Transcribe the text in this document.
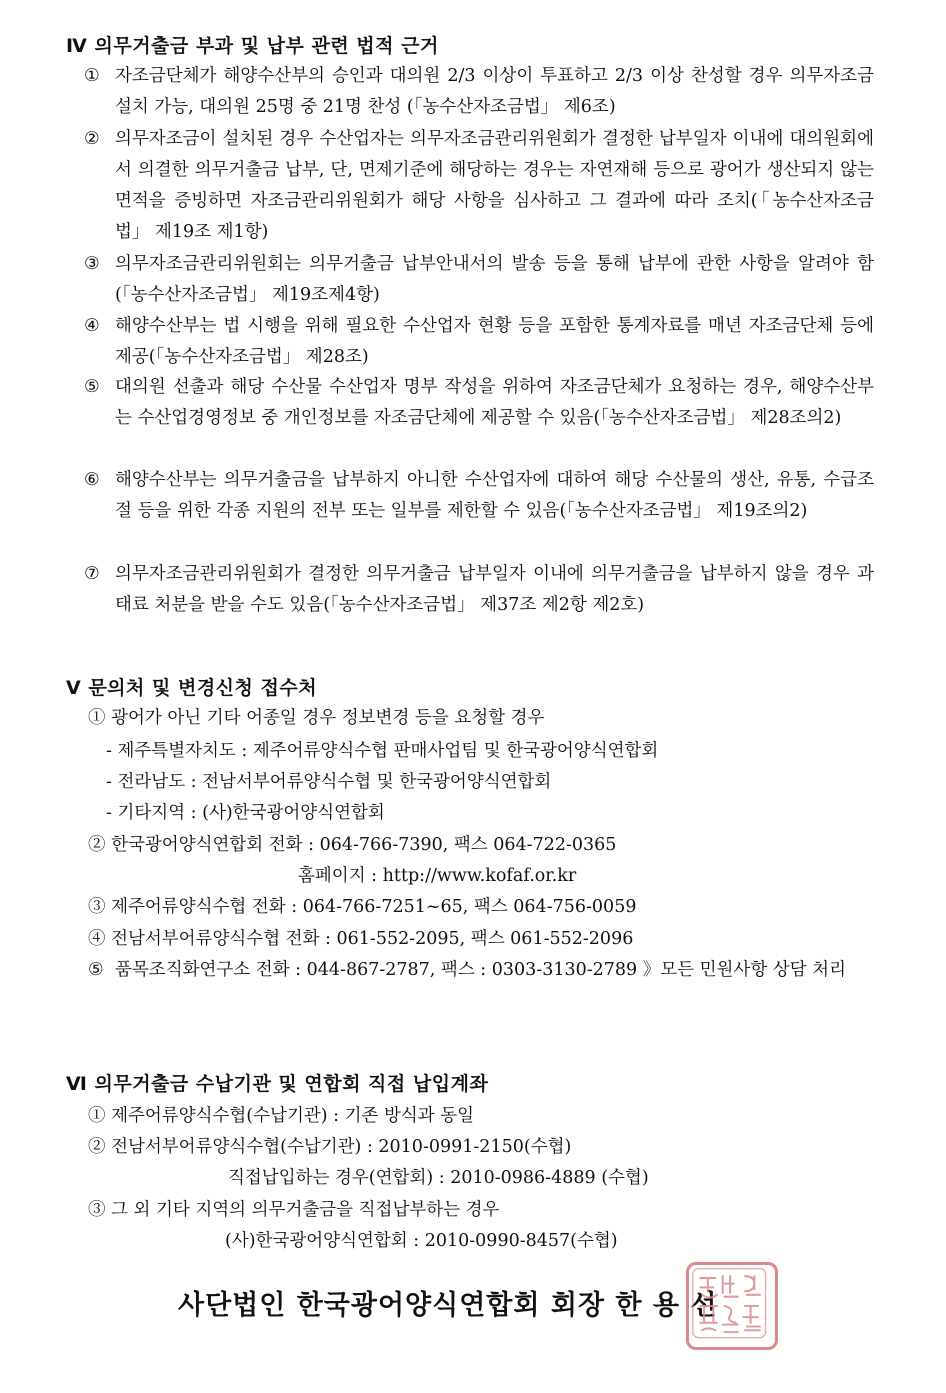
Ⅳ 의무거출금 부과 및 납부 관련 법적 근거
① 자조금단체가 해양수산부의 승인과 대의원 2/3 이상이 투표하고 2/3 이상 찬성할 경우 의무자조금 설치 가능, 대의원 25명 중 21명 찬성 (「농수산자조금법」 제6조)
② 의무자조금이 설치된 경우 수산업자는 의무자조금관리위원회가 결정한 납부일자 이내에 대의원회에서 의결한 의무거출금 납부, 단, 면제기준에 해당하는 경우는 자연재해 등으로 광어가 생산되지 않는 면적을 증빙하면 자조금관리위원회가 해당 사항을 심사하고 그 결과에 따라 조치(「농수산자조금법」 제19조 제1항)
③ 의무자조금관리위원회는 의무거출금 납부안내서의 발송 등을 통해 납부에 관한 사항을 알려야 함(「농수산자조금법」 제19조제4항)
④ 해양수산부는 법 시행을 위해 필요한 수산업자 현황 등을 포함한 통계자료를 매년 자조금단체 등에 제공(「농수산자조금법」 제28조)
⑤ 대의원 선출과 해당 수산물 수산업자 명부 작성을 위하여 자조금단체가 요청하는 경우, 해양수산부는 수산업경영정보 중 개인정보를 자조금단체에 제공할 수 있음(「농수산자조금법」 제28조의2)
⑥ 해양수산부는 의무거출금을 납부하지 아니한 수산업자에 대하여 해당 수산물의 생산, 유통, 수급조절 등을 위한 각종 지원의 전부 또는 일부를 제한할 수 있음(「농수산자조금법」 제19조의2)
⑦ 의무자조금관리위원회가 결정한 의무거출금 납부일자 이내에 의무거출금을 납부하지 않을 경우 과태료 처분을 받을 수도 있음(「농수산자조금법」 제37조 제2항 제2호)
Ⅴ 문의처 및 변경신청 접수처
① 광어가 아닌 기타 어종일 경우 정보변경 등을 요청할 경우
- 제주특별자치도 : 제주어류양식수협 판매사업팀 및 한국광어양식연합회
- 전라남도 : 전남서부어류양식수협 및 한국광어양식연합회
- 기타지역 : (사)한국광어양식연합회
② 한국광어양식연합회 전화 : 064-766-7390, 팩스 064-722-0365
홈페이지 : http://www.kofaf.or.kr
③ 제주어류양식수협 전화 : 064-766-7251~65, 팩스 064-756-0059
④ 전남서부어류양식수협 전화 : 061-552-2095, 팩스 061-552-2096
⑤ 품목조직화연구소 전화 : 044-867-2787, 팩스 : 0303-3130-2789 》모든 민원사항 상담 처리
Ⅵ 의무거출금 수납기관 및 연합회 직접 납입계좌
① 제주어류양식수협(수납기관) : 기존 방식과 동일
② 전남서부어류양식수협(수납기관) : 2010-0991-2150(수협)
직접납입하는 경우(연합회) : 2010-0986-4889 (수협)
③ 그 외 기타 지역의 의무거출금을 직접납부하는 경우
(사)한국광어양식연합회 : 2010-0990-8457(수협)
사단법인 한국광어양식연합회 회장 한 용 선
